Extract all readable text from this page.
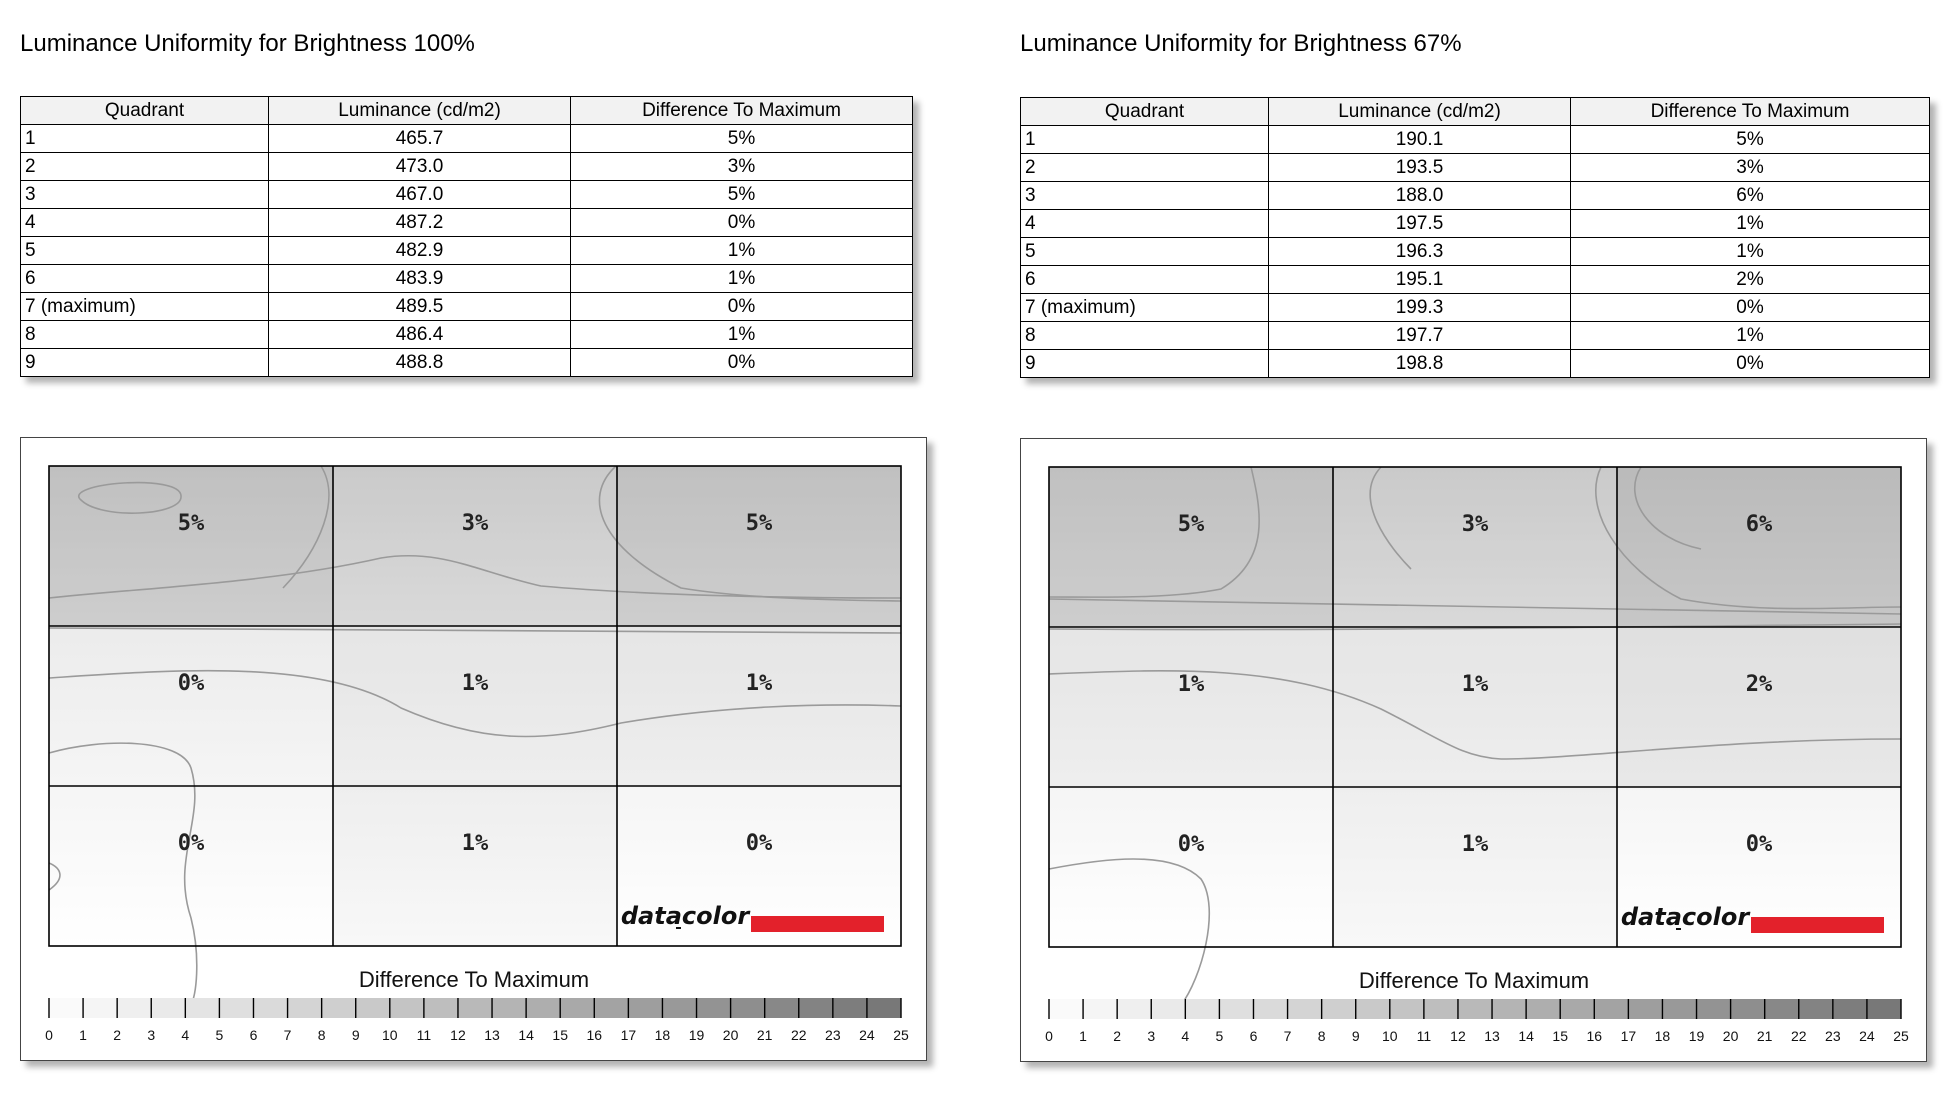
Luminance Uniformity for Brightness 100%
Quadrant	Luminance (cd/m2)	Difference To Maximum
1	465.7	5%
2	473.0	3%
3	467.0	5%
4	487.2	0%
5	482.9	1%
6	483.9	1%
7 (maximum)	489.5	0%
8	486.4	1%
9	488.8	0%
5%	3%	5%
0%	1%	1%
0%	1%	0%
datacolor
Difference To Maximum
0 1 2 3 4 5 6 7 8 9 10 11 12 13 14 15 16 17 18 19 20 21 22 23 24 25
Luminance Uniformity for Brightness 67%
Quadrant	Luminance (cd/m2)	Difference To Maximum
1	190.1	5%
2	193.5	3%
3	188.0	6%
4	197.5	1%
5	196.3	1%
6	195.1	2%
7 (maximum)	199.3	0%
8	197.7	1%
9	198.8	0%
5%	3%	6%
1%	1%	2%
0%	1%	0%
datacolor
Difference To Maximum
0 1 2 3 4 5 6 7 8 9 10 11 12 13 14 15 16 17 18 19 20 21 22 23 24 25
